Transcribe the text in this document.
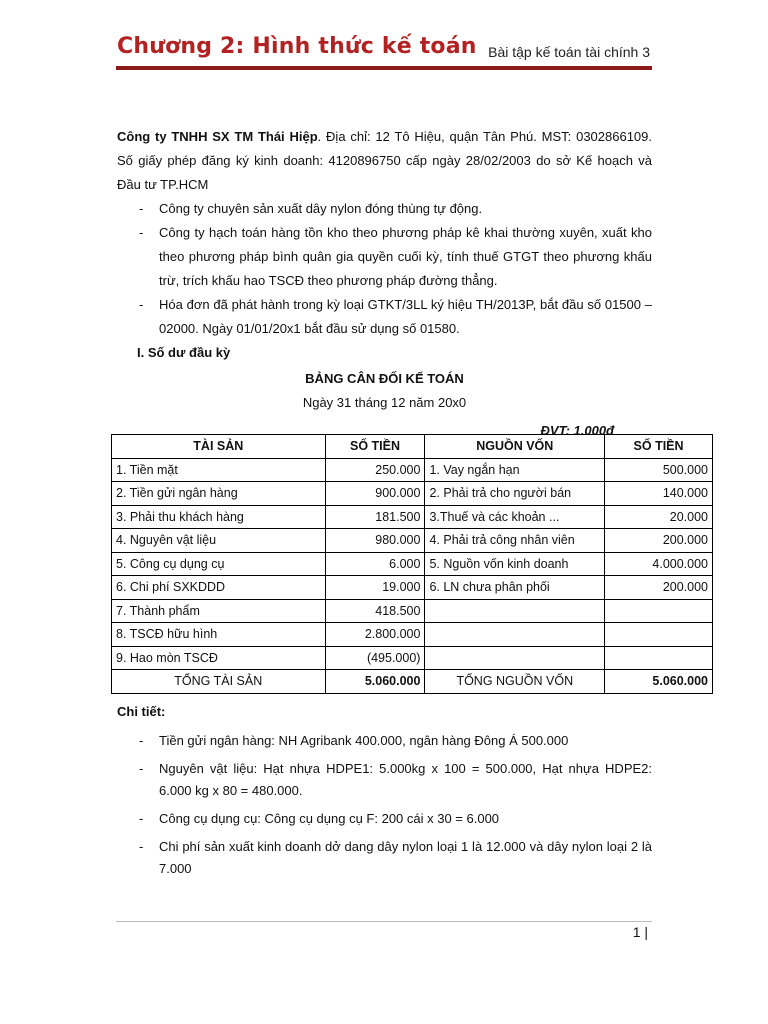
Chương 2: Hình thức kế toán Bài tập kế toán tài chính 3

Công ty TNHH SX TM Thái Hiệp. Địa chỉ: 12 Tô Hiệu, quận Tân Phú. MST: 0302866109. Số giấy phép đăng ký kinh doanh: 4120896750 cấp ngày 28/02/2003 do sở Kế hoạch và Đầu tư TP.HCM

- Công ty chuyên sản xuất dây nylon đóng thùng tự động.
- Công ty hạch toán hàng tồn kho theo phương pháp kê khai thường xuyên, xuất kho theo phương pháp bình quân gia quyền cuối kỳ, tính thuế GTGT theo phương khấu trừ, trích khấu hao TSCĐ theo phương pháp đường thẳng.
- Hóa đơn đã phát hành trong kỳ loại GTKT/3LL ký hiệu TH/2013P, bắt đầu số 01500 – 02000. Ngày 01/01/20x1 bắt đầu sử dụng số 01580.
I. Số dư đầu kỳ
BẢNG CÂN ĐỐI KẾ TOÁN
Ngày 31 tháng 12 năm 20x0
ĐVT: 1.000đ
TÀI SẢN	SỐ TIỀN	NGUỒN VỐN	SỐ TIỀN
1. Tiền mặt	250.000	1. Vay ngắn hạn	500.000
2. Tiền gửi ngân hàng	900.000	2. Phải trả cho người bán	140.000
3. Phải thu khách hàng	181.500	3.Thuế và các khoản ...	20.000
4. Nguyên vật liệu	980.000	4. Phải trả công nhân viên	200.000
5. Công cụ dụng cụ	6.000	5. Nguồn vốn kinh doanh	4.000.000
6. Chi phí SXKDDD	19.000	6. LN chưa phân phối	200.000
7. Thành phẩm	418.500		
8. TSCĐ hữu hình	2.800.000		
9. Hao mòn TSCĐ	(495.000)		
TỔNG TÀI SẢN	5.060.000	TỔNG NGUỒN VỐN	5.060.000
Chi tiết:
- Tiền gửi ngân hàng: NH Agribank 400.000, ngân hàng Đông Á 500.000
- Nguyên vật liệu: Hạt nhựa HDPE1: 5.000kg x 100 = 500.000, Hạt nhựa HDPE2: 6.000 kg x 80 = 480.000.
- Công cụ dụng cụ: Công cụ dụng cụ F: 200 cái x 30 = 6.000
- Chi phí sản xuất kinh doanh dở dang dây nylon loại 1 là 12.000 và dây nylon loại 2 là 7.000
1 |
